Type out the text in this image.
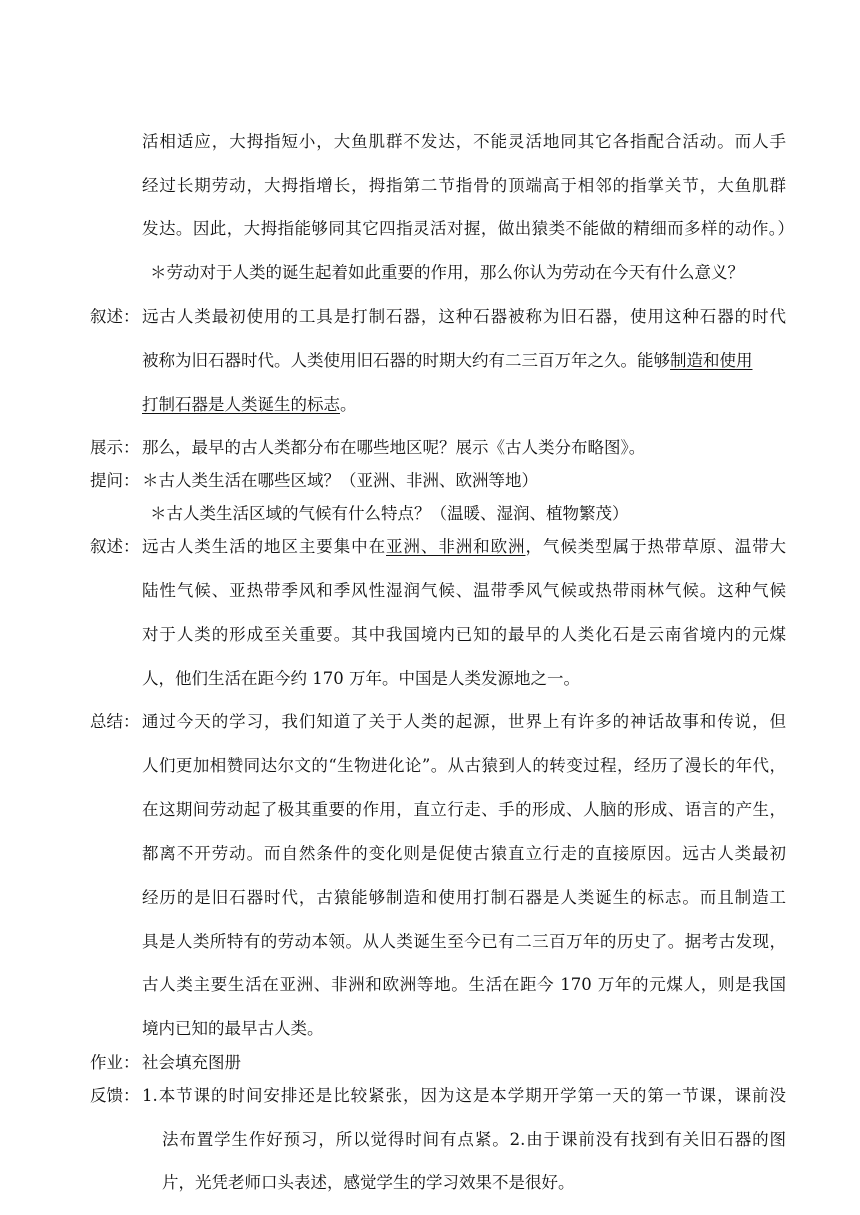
活相适应，大拇指短小，大鱼肌群不发达，不能灵活地同其它各指配合活动。而人手
经过长期劳动，大拇指增长，拇指第二节指骨的顶端高于相邻的指掌关节，大鱼肌群
发达。因此，大拇指能够同其它四指灵活对握，做出猿类不能做的精细而多样的动作。）
＊劳动对于人类的诞生起着如此重要的作用，那么你认为劳动在今天有什么意义？
叙述： 远古人类最初使用的工具是打制石器，这种石器被称为旧石器，使用这种石器的时代
被称为旧石器时代。人类使用旧石器的时期大约有二三百万年之久。能够制造和使用
打制石器是人类诞生的标志。
展示： 那么，最早的古人类都分布在哪些地区呢？展示《古人类分布略图》。
提问： ＊古人类生活在哪些区域？（亚洲、非洲、欧洲等地）
＊古人类生活区域的气候有什么特点？（温暖、湿润、植物繁茂）
叙述： 远古人类生活的地区主要集中在亚洲、非洲和欧洲，气候类型属于热带草原、温带大
陆性气候、亚热带季风和季风性湿润气候、温带季风气候或热带雨林气候。这种气候
对于人类的形成至关重要。其中我国境内已知的最早的人类化石是云南省境内的元煤
人，他们生活在距今约 170 万年。中国是人类发源地之一。
总结： 通过今天的学习，我们知道了关于人类的起源，世界上有许多的神话故事和传说，但
人们更加相赞同达尔文的“生物进化论”。从古猿到人的转变过程，经历了漫长的年代，
在这期间劳动起了极其重要的作用，直立行走、手的形成、人脑的形成、语言的产生，
都离不开劳动。而自然条件的变化则是促使古猿直立行走的直接原因。远古人类最初
经历的是旧石器时代，古猿能够制造和使用打制石器是人类诞生的标志。而且制造工
具是人类所特有的劳动本领。从人类诞生至今已有二三百万年的历史了。据考古发现，
古人类主要生活在亚洲、非洲和欧洲等地。生活在距今 170 万年的元煤人，则是我国
境内已知的最早古人类。
作业： 社会填充图册
反馈： 1.本节课的时间安排还是比较紧张，因为这是本学期开学第一天的第一节课，课前没
法布置学生作好预习，所以觉得时间有点紧。2.由于课前没有找到有关旧石器的图
片，光凭老师口头表述，感觉学生的学习效果不是很好。
